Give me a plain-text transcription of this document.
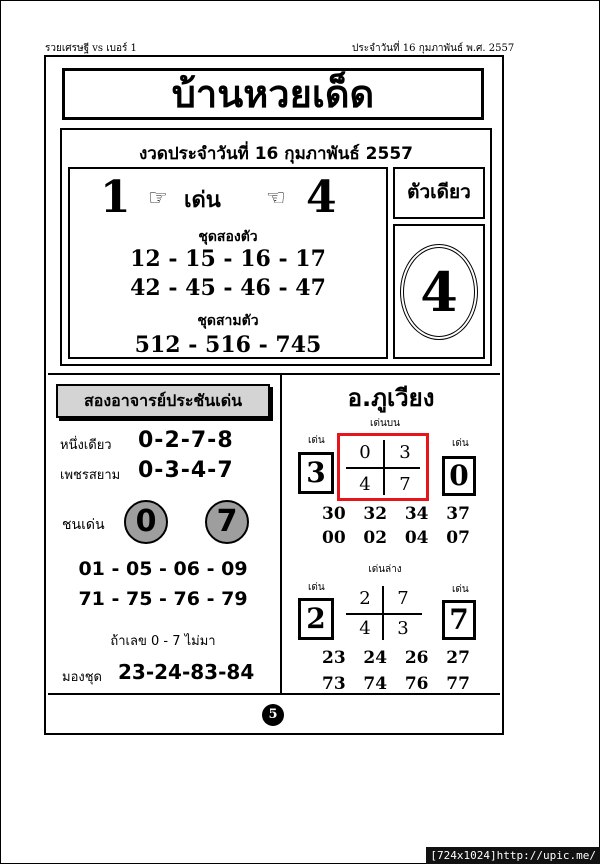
รวยเศรษฐี vs เบอร์ 1	ประจำวันที่ 16 กุมภาพันธ์ พ.ศ. 2557
บ้านหวยเด็ด
งวดประจำวันที่ 16 กุมภาพันธ์ 2557
1 ☞ เด่น ☜ 4
ชุดสองตัว
12 - 15 - 16 - 17
42 - 45 - 46 - 47
ชุดสามตัว
512 - 516 - 745
ตัวเดียว
4
สองอาจารย์ประชันเด่น
หนึ่งเดียว 0-2-7-8
เพชรสยาม 0-3-4-7
ชนเด่น	0	7
01 - 05 - 06 - 09
71 - 75 - 76 - 79
ถ้าเลข 0 - 7 ไม่มา
มองชุด 23-24-83-84
อ.ภูเวียง
เด่นบน
เด่น
3
เด่น
0
0	3
4	7
30   32   34   37
00   02   04   07
เด่นล่าง
เด่น
2
เด่น
7
2	7
4	3
23   24   26   27
73   74   76   77
5
[724x1024]http://upic.me/
